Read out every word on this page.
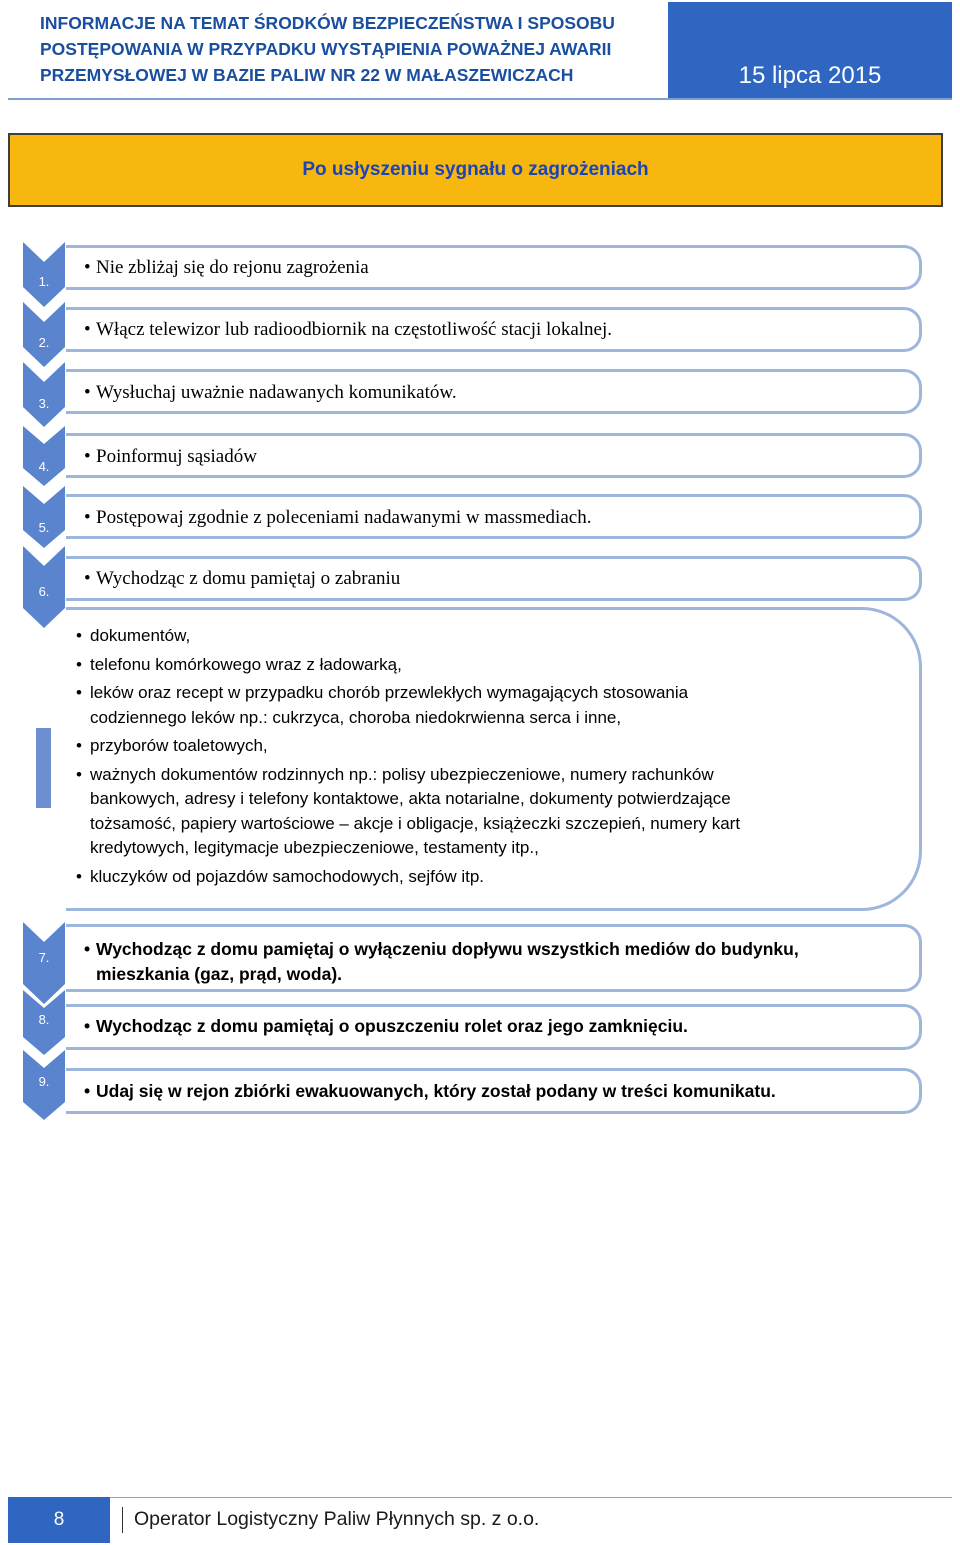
INFORMACJE NA TEMAT ŚRODKÓW BEZPIECZEŃSTWA I SPOSOBU
POSTĘPOWANIA W PRZYPADKU WYSTĄPIENIA POWAŻNEJ AWARII
PRZEMYSŁOWEJ W BAZIE PALIW NR 22 W MAŁASZEWICZACH	15 lipca 2015
Po usłyszeniu sygnału o zagrożeniach
1.
• Nie zbliżaj się do rejonu zagrożenia
2.
• Włącz telewizor lub radioodbiornik na częstotliwość stacji lokalnej.
3.
• Wysłuchaj uważnie nadawanych komunikatów.
4.	• Poinformuj sąsiadów
5.	• Postępowaj zgodnie z poleceniami nadawanymi w massmediach.
6.
• Wychodząc z domu pamiętaj o zabraniu
• dokumentów,
• telefonu komórkowego wraz z ładowarką,
• leków oraz recept w przypadku chorób przewlekłych wymagających stosowania
codziennego leków np.: cukrzyca, choroba niedokrwienna serca i inne,
• przyborów toaletowych,
• ważnych dokumentów rodzinnych np.: polisy ubezpieczeniowe, numery rachunków
bankowych, adresy i telefony kontaktowe, akta notarialne, dokumenty potwierdzające
tożsamość, papiery wartościowe – akcje i obligacje, książeczki szczepień, numery kart
kredytowych, legitymacje ubezpieczeniowe, testamenty itp.,
• kluczyków od pojazdów samochodowych, sejfów itp.
7.	• Wychodząc z domu pamiętaj o wyłączeniu dopływu wszystkich mediów do budynku,
mieszkania (gaz, prąd, woda).
8.	• Wychodząc z domu pamiętaj o opuszczeniu rolet oraz jego zamknięciu.
9.	• Udaj się w rejon zbiórki ewakuowanych, który został podany w treści komunikatu.
8	Operator Logistyczny Paliw Płynnych sp. z o.o.
